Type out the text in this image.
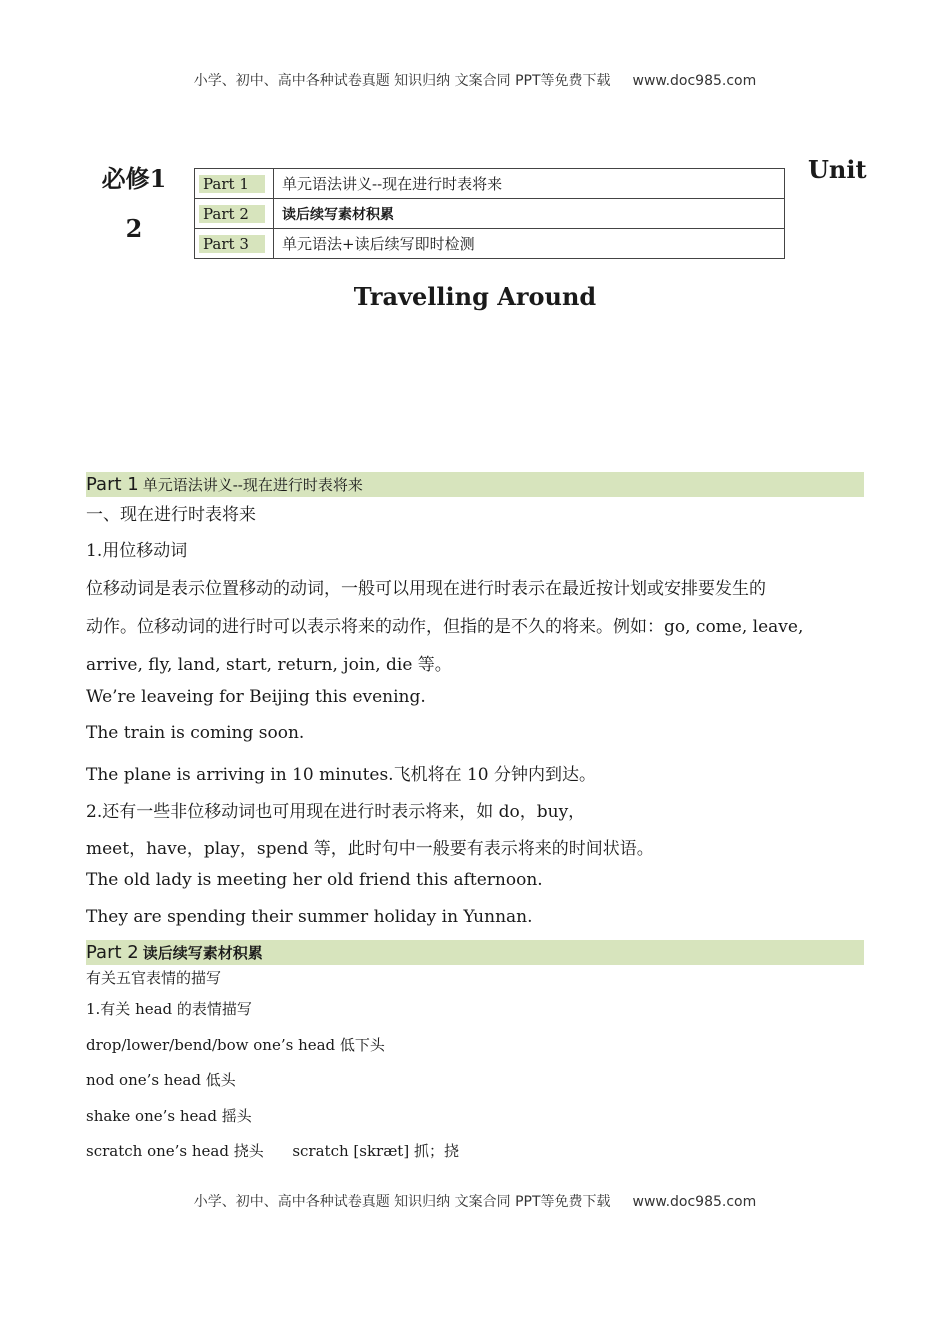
小学、初中、高中各种试卷真题 知识归纳 文案合同 PPT等免费下载 www.doc985.com
必修1
2
Unit
Part 1	单元语法讲义--现在进行时表将来

Part 2	读后续写素材积累

Part 3	单元语法+读后续写即时检测
Travelling Around
Part 1 单元语法讲义--现在进行时表将来
一、现在进行时表将来
1.用位移动词
位移动词是表示位置移动的动词，一般可以用现在进行时表示在最近按计划或安排要发生的
动作。位移动词的进行时可以表示将来的动作，但指的是不久的将来。例如：go, come, leave,
arrive, fly, land, start, return, join, die 等。
We’re leaveing for Beijing this evening.
The train is coming soon.
The plane is arriving in 10 minutes.飞机将在 10 分钟内到达。
2.还有一些非位移动词也可用现在进行时表示将来，如 do，buy，
meet，have，play，spend 等，此时句中一般要有表示将来的时间状语。
The old lady is meeting her old friend this afternoon.
They are spending their summer holiday in Yunnan.
Part 2 读后续写素材积累
有关五官表情的描写
1.有关 head 的表情描写
drop/lower/bend/bow one’s head 低下头
nod one’s head 低头
shake one’s head 摇头
scratch one’s head 挠头      scratch [skræt] 抓；挠
小学、初中、高中各种试卷真题 知识归纳 文案合同 PPT等免费下载 www.doc985.com
